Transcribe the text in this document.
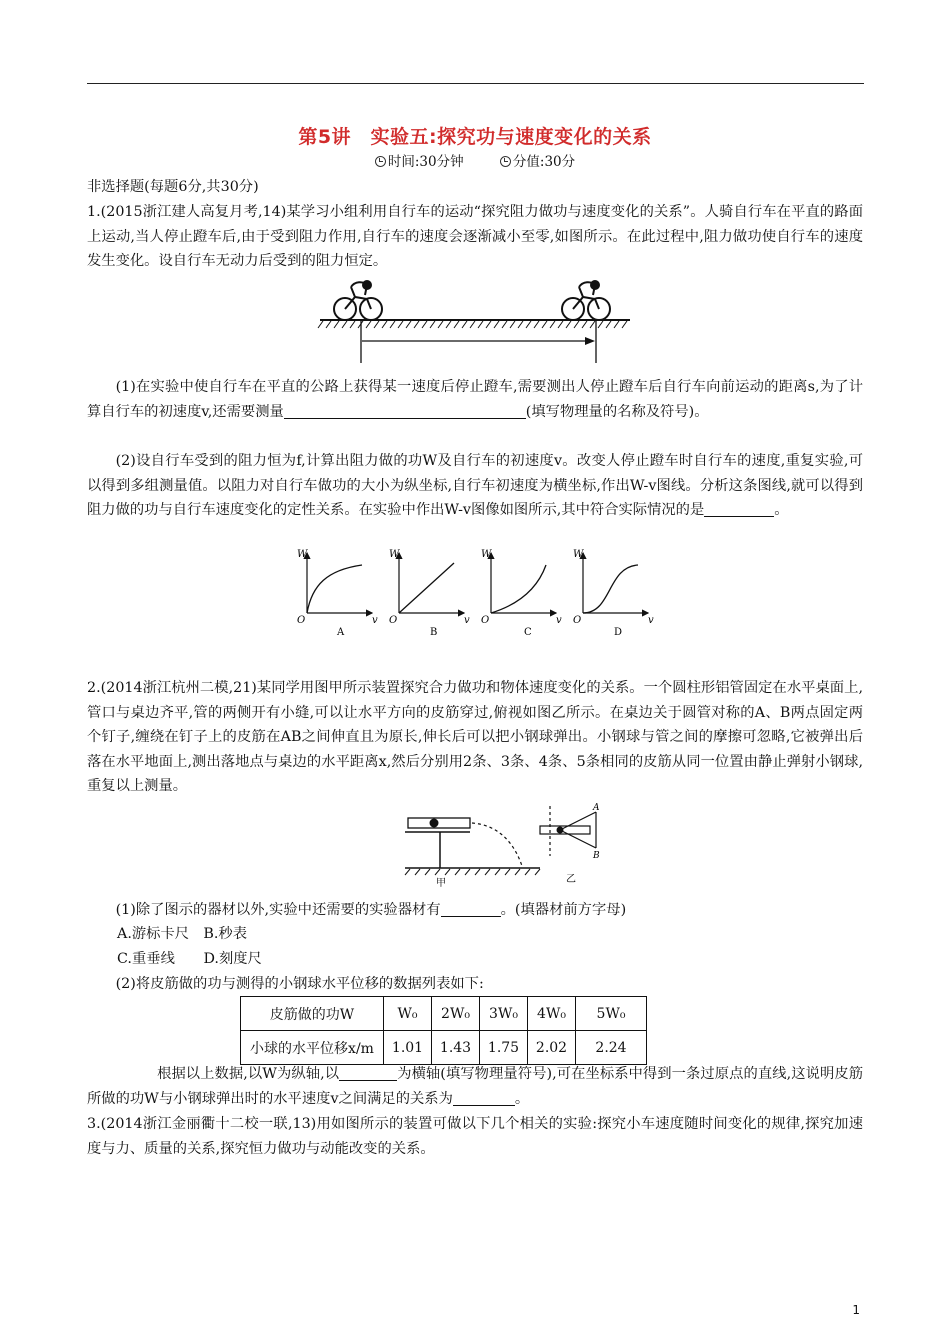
第5讲　实验五:探究功与速度变化的关系
时间:30分钟	分值:30分
非选择题(每题6分,共30分)
1.(2015浙江建人高复月考,14)某学习小组利用自行车的运动“探究阻力做功与速度变化的关系”。人骑自行车在平直的路面上运动,当人停止蹬车后,由于受到阻力作用,自行车的速度会逐渐减小至零,如图所示。在此过程中,阻力做功使自行车的速度发生变化。设自行车无动力后受到的阻力恒定。
(1)在实验中使自行车在平直的公路上获得某一速度后停止蹬车,需要测出人停止蹬车后自行车向前运动的距离s,为了计算自行车的初速度v,还需要测量	(填写物理量的名称及符号)。
(2)设自行车受到的阻力恒为f,计算出阻力做的功W及自行车的初速度v。改变人停止蹬车时自行车的速度,重复实验,可以得到多组测量值。以阻力对自行车做功的大小为纵坐标,自行车初速度为横坐标,作出W-v图线。分析这条图线,就可以得到阻力做的功与自行车速度变化的定性关系。在实验中作出W-v图像如图所示,其中符合实际情况的是	。
W
v
O
A
W
v
O
B
W
v
O
C
W
v
O
D
2.(2014浙江杭州二模,21)某同学用图甲所示装置探究合力做功和物体速度变化的关系。一个圆柱形铝管固定在水平桌面上,管口与桌边齐平,管的两侧开有小缝,可以让水平方向的皮筋穿过,俯视如图乙所示。在桌边关于圆管对称的A、B两点固定两个钉子,缠绕在钉子上的皮筋在AB之间伸直且为原长,伸长后可以把小钢球弹出。小钢球与管之间的摩擦可忽略,它被弹出后落在水平地面上,测出落地点与桌边的水平距离x,然后分别用2条、3条、4条、5条相同的皮筋从同一位置由静止弹射小钢球,重复以上测量。
甲
A
B
乙
(1)除了图示的器材以外,实验中还需要的实验器材有	。(填器材前方字母)
A.游标卡尺　B.秒表
C.重垂线　　D.刻度尺
(2)将皮筋做的功与测得的小钢球水平位移的数据列表如下:
皮筋做的功W	W₀	2W₀	3W₀	4W₀	5W₀
小球的水平位移x/m	1.01	1.43	1.75	2.02	2.24
根据以上数据,以W为纵轴,以	为横轴(填写物理量符号),可在坐标系中得到一条过原点的直线,这说明皮筋所做的功W与小钢球弹出时的水平速度v之间满足的关系为	。
3.(2014浙江金丽衢十二校一联,13)用如图所示的装置可做以下几个相关的实验:探究小车速度随时间变化的规律,探究加速度与力、质量的关系,探究恒力做功与动能改变的关系。
1
